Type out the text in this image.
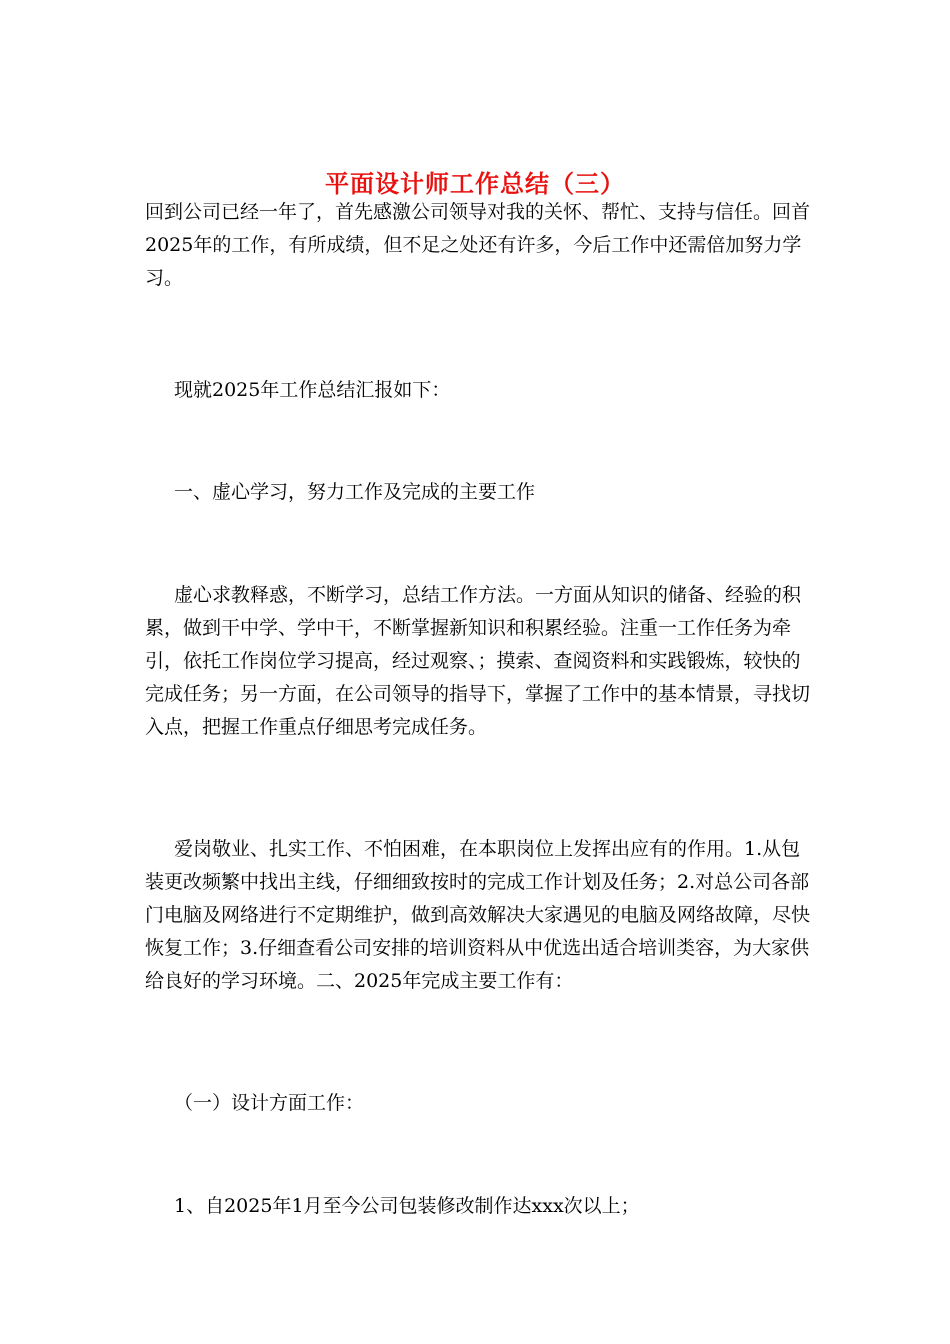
平面设计师工作总结（三）

回到公司已经一年了，首先感激公司领导对我的关怀、帮忙、支持与信任。回首2025年的工作，有所成绩，但不足之处还有许多，今后工作中还需倍加努力学习。

现就2025年工作总结汇报如下：

一、虚心学习，努力工作及完成的主要工作

虚心求教释惑，不断学习，总结工作方法。一方面从知识的储备、经验的积累，做到干中学、学中干，不断掌握新知识和积累经验。注重一工作任务为牵引，依托工作岗位学习提高，经过观察、；摸索、查阅资料和实践锻炼，较快的完成任务；另一方面，在公司领导的指导下，掌握了工作中的基本情景，寻找切入点，把握工作重点仔细思考完成任务。

爱岗敬业、扎实工作、不怕困难，在本职岗位上发挥出应有的作用。1.从包装更改频繁中找出主线，仔细细致按时的完成工作计划及任务；2.对总公司各部门电脑及网络进行不定期维护，做到高效解决大家遇见的电脑及网络故障，尽快恢复工作；3.仔细查看公司安排的培训资料从中优选出适合培训类容，为大家供给良好的学习环境。二、2025年完成主要工作有：

（一）设计方面工作：

1、自2025年1月至今公司包装修改制作达xxx次以上；
